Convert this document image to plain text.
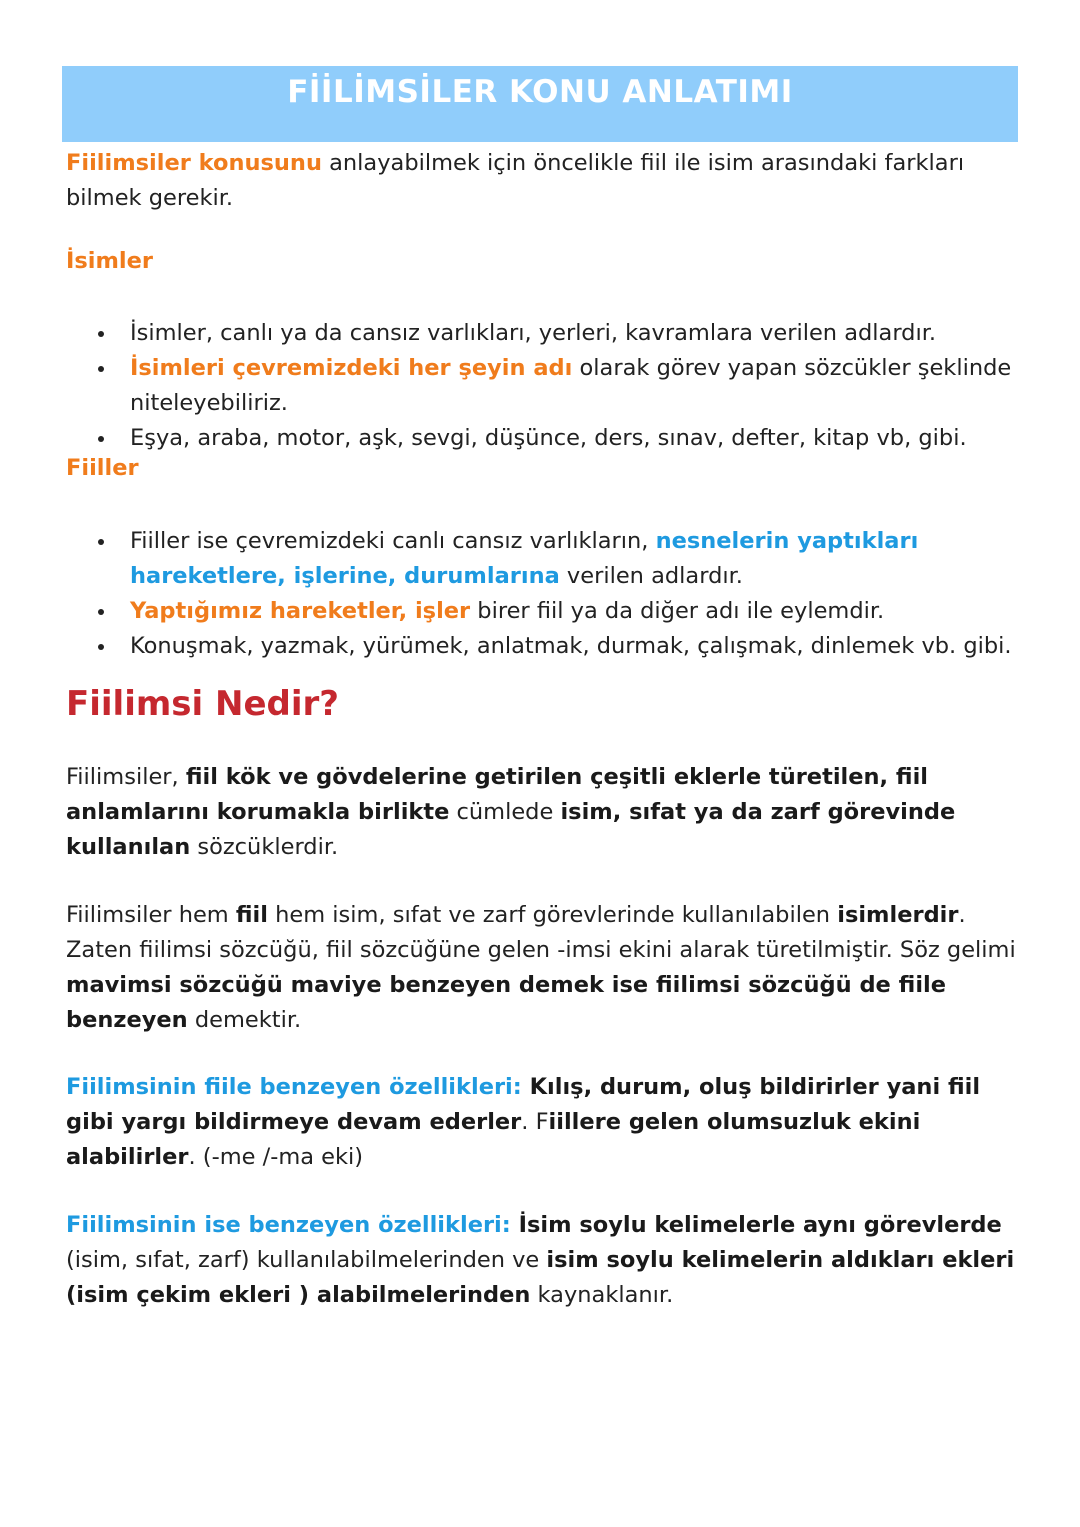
FİİLİMSİLER KONU ANLATIMI
Fiilimsiler konusunu anlayabilmek için öncelikle fiil ile isim arasındaki farkları bilmek gerekir.
İsimler
İsimler, canlı ya da cansız varlıkları, yerleri, kavramlara verilen adlardır.
İsimleri çevremizdeki her şeyin adı olarak görev yapan sözcükler şeklinde niteleyebiliriz.
Eşya, araba, motor, aşk, sevgi, düşünce, ders, sınav, defter, kitap vb, gibi.
Fiiller
Fiiller ise çevremizdeki canlı cansız varlıkların, nesnelerin yaptıkları hareketlere, işlerine, durumlarına verilen adlardır.
Yaptığımız hareketler, işler birer fiil ya da diğer adı ile eylemdir.
Konuşmak, yazmak, yürümek, anlatmak, durmak, çalışmak, dinlemek vb. gibi.
Fiilimsi Nedir?
Fiilimsiler, fiil kök ve gövdelerine getirilen çeşitli eklerle türetilen, fiil anlamlarını korumakla birlikte cümlede isim, sıfat ya da zarf görevinde kullanılan sözcüklerdir.
Fiilimsiler hem fiil hem isim, sıfat ve zarf görevlerinde kullanılabilen isimlerdir. Zaten fiilimsi sözcüğü, fiil sözcüğüne gelen -imsi ekini alarak türetilmiştir. Söz gelimi mavimsi sözcüğü maviye benzeyen demek ise fiilimsi sözcüğü de fiile benzeyen demektir.
Fiilimsinin fiile benzeyen özellikleri: Kılış, durum, oluş bildirirler yani fiil gibi yargı bildirmeye devam ederler. Fiillere gelen olumsuzluk ekini alabilirler. (-me /-ma eki)
Fiilimsinin ise benzeyen özellikleri: İsim soylu kelimelerle aynı görevlerde (isim, sıfat, zarf) kullanılabilmelerinden ve isim soylu kelimelerin aldıkları ekleri (isim çekim ekleri ) alabilmelerinden kaynaklanır.
